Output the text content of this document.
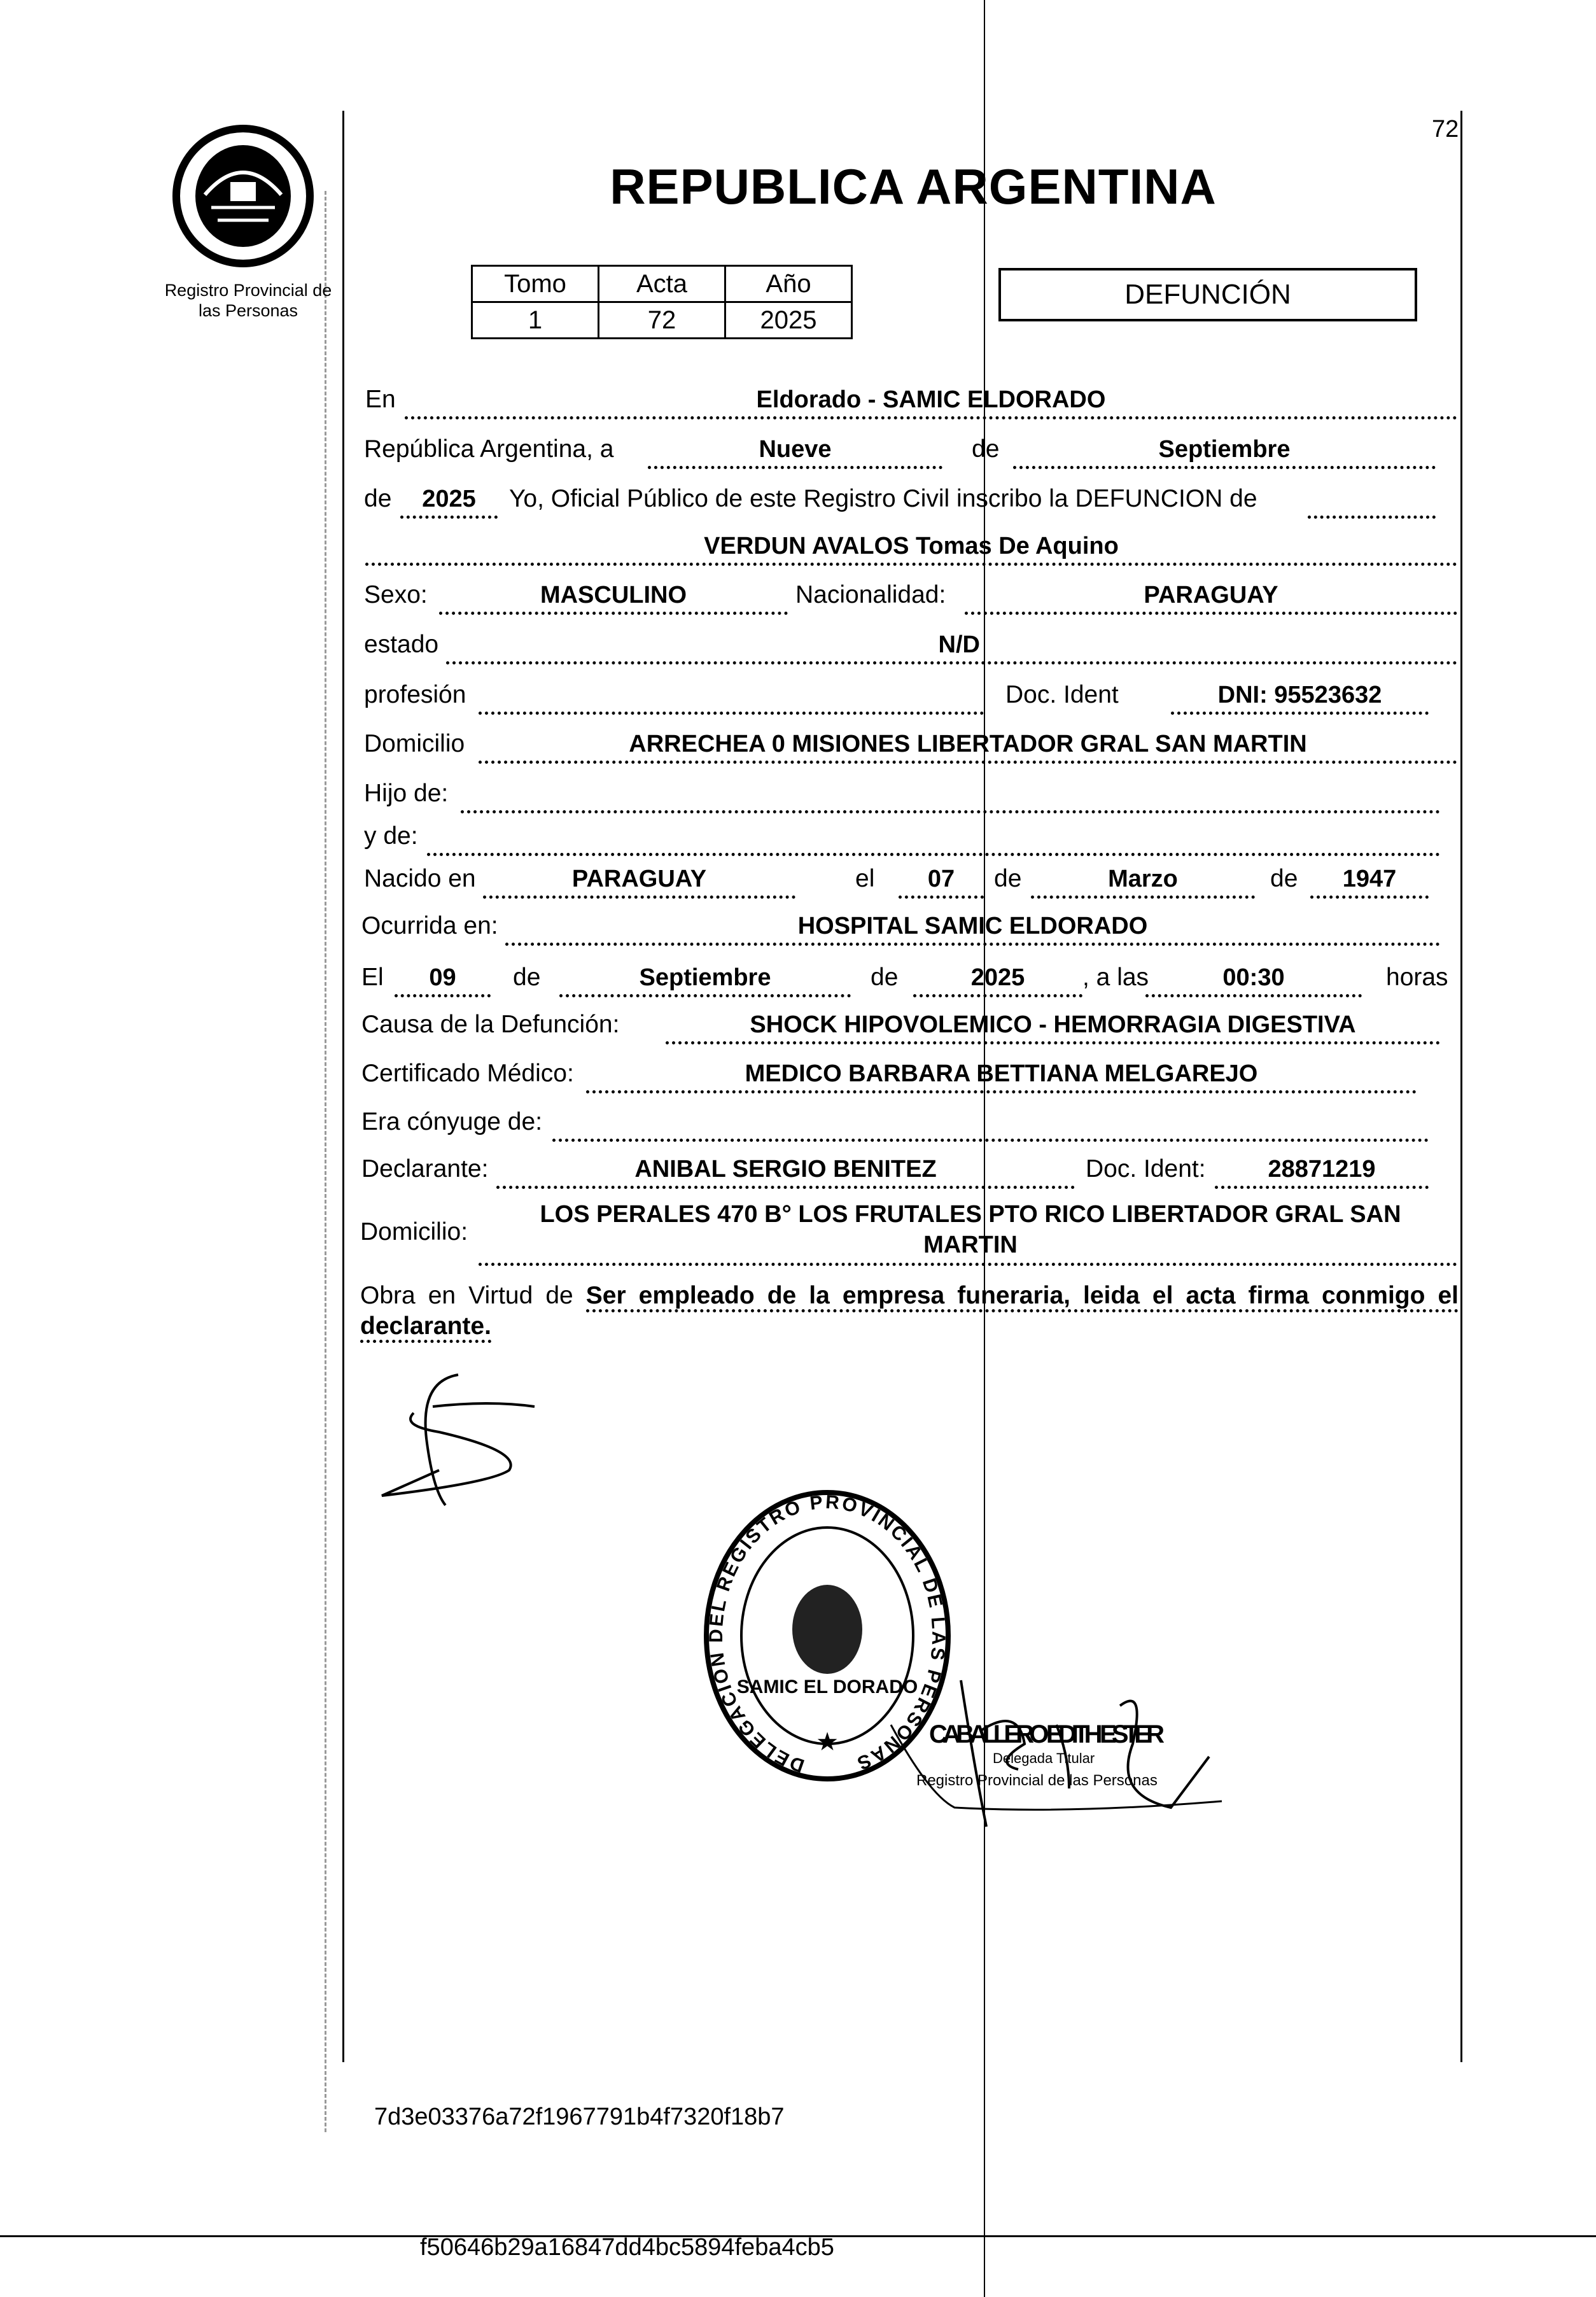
Registro Provincial de
las Personas
72
REPUBLICA ARGENTINA
Tomo	Acta	Año
1	72	2025
DEFUNCIÓN
En	Eldorado - SAMIC ELDORADO
República Argentina, a	Nueve	de	Septiembre
de	2025	Yo, Oficial Público de este Registro Civil inscribo la DEFUNCION de
VERDUN AVALOS Tomas De Aquino
Sexo:	MASCULINO	Nacionalidad:	PARAGUAY
estado	N/D
profesión	Doc. Ident	DNI: 95523632
Domicilio	ARRECHEA 0 MISIONES LIBERTADOR GRAL SAN MARTIN
Hijo de:
y de:
Nacido en	PARAGUAY	el	07	de	Marzo	de	1947
Ocurrida en:	HOSPITAL SAMIC ELDORADO
El	09	de	Septiembre	de	2025	, a las	00:30	horas
Causa de la Defunción:	SHOCK HIPOVOLEMICO - HEMORRAGIA DIGESTIVA
Certificado Médico:	MEDICO BARBARA BETTIANA MELGAREJO
Era cónyuge de:
Declarante:	ANIBAL SERGIO BENITEZ	Doc. Ident:	28871219
Domicilio:
LOS PERALES 470 B° LOS FRUTALES PTO RICO LIBERTADOR GRAL SAN
MARTIN
Obra en Virtud de Ser empleado de la empresa funeraria, leida el acta firma conmigo el declarante.
DELEGACION DEL REGISTRO PROVINCIAL DE LAS PERSONAS
SAMIC EL DORADO
★	CABALLERO EDITH ESTER
Delegada Titular
Registro Provincial de las Personas
7d3e03376a72f1967791b4f7320f18b7
f50646b29a16847dd4bc5894feba4cb5
